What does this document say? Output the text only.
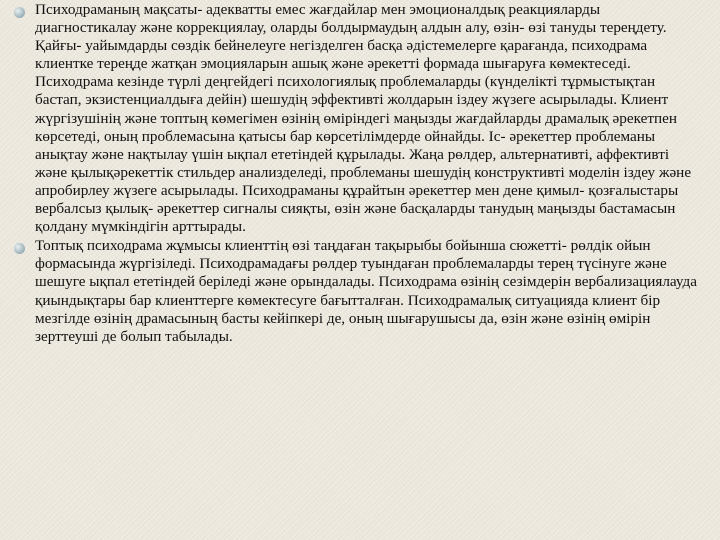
Психодраманың мақсаты- адекватты емес жағдайлар мен эмоционалдық реакцияларды диагностикалау және коррекциялау, оларды болдырмаудың алдын алу, өзін- өзі тануды тереңдету. Қайғы- уайымдарды сөздік бейнелеуге негізделген басқа әдістемелерге қарағанда, психодрама клиентке тереңде жатқан эмоцияларын ашық және әрекетті формада шығаруға көмектеседі. Психодрама кезінде түрлі деңгейдегі психологиялық проблемаларды (күнделікті тұрмыстықтан бастап, экзистенциалдыға дейін) шешудің эффективті жолдарын іздеу жүзеге асырылады. Клиент жүргізушінің және топтың көмегімен өзінің өміріндегі маңызды жағдайларды драмалық әрекетпен көрсетеді, оның проблемасына қатысы бар көрсетілімдерде ойнайды. Іс- әрекеттер проблеманы анықтау және нақтылау үшін ықпал ететіндей құрылады. Жаңа рөлдер, альтернативті, аффективті және қылықәрекеттік стильдер анализделеді, проблеманы шешудің конструктивті моделін іздеу және апробирлеу жүзеге асырылады. Психодраманы құрайтын әрекеттер мен дене қимыл- қозғалыстары вербалсыз қылық- әрекеттер сигналы сияқты, өзін және басқаларды танудың маңызды бастамасын қолдану мүмкіндігін арттырады.
Топтық психодрама жұмысы клиенттің өзі таңдаған тақырыбы бойынша сюжетті- рөлдік ойын формасында жүргізіледі. Психодрамадағы рөлдер туындаған проблемаларды терең түсінуге және шешуге ықпал ететіндей беріледі және орындалады. Психодрама өзінің сезімдерін вербализациялауда қиындықтары бар клиенттерге көмектесуге бағытталған. Психодрамалық ситуацияда клиент бір мезгілде өзінің драмасының басты кейіпкері де, оның шығарушысы да, өзін және өзінің өмірін зерттеуші де болып табылады.
